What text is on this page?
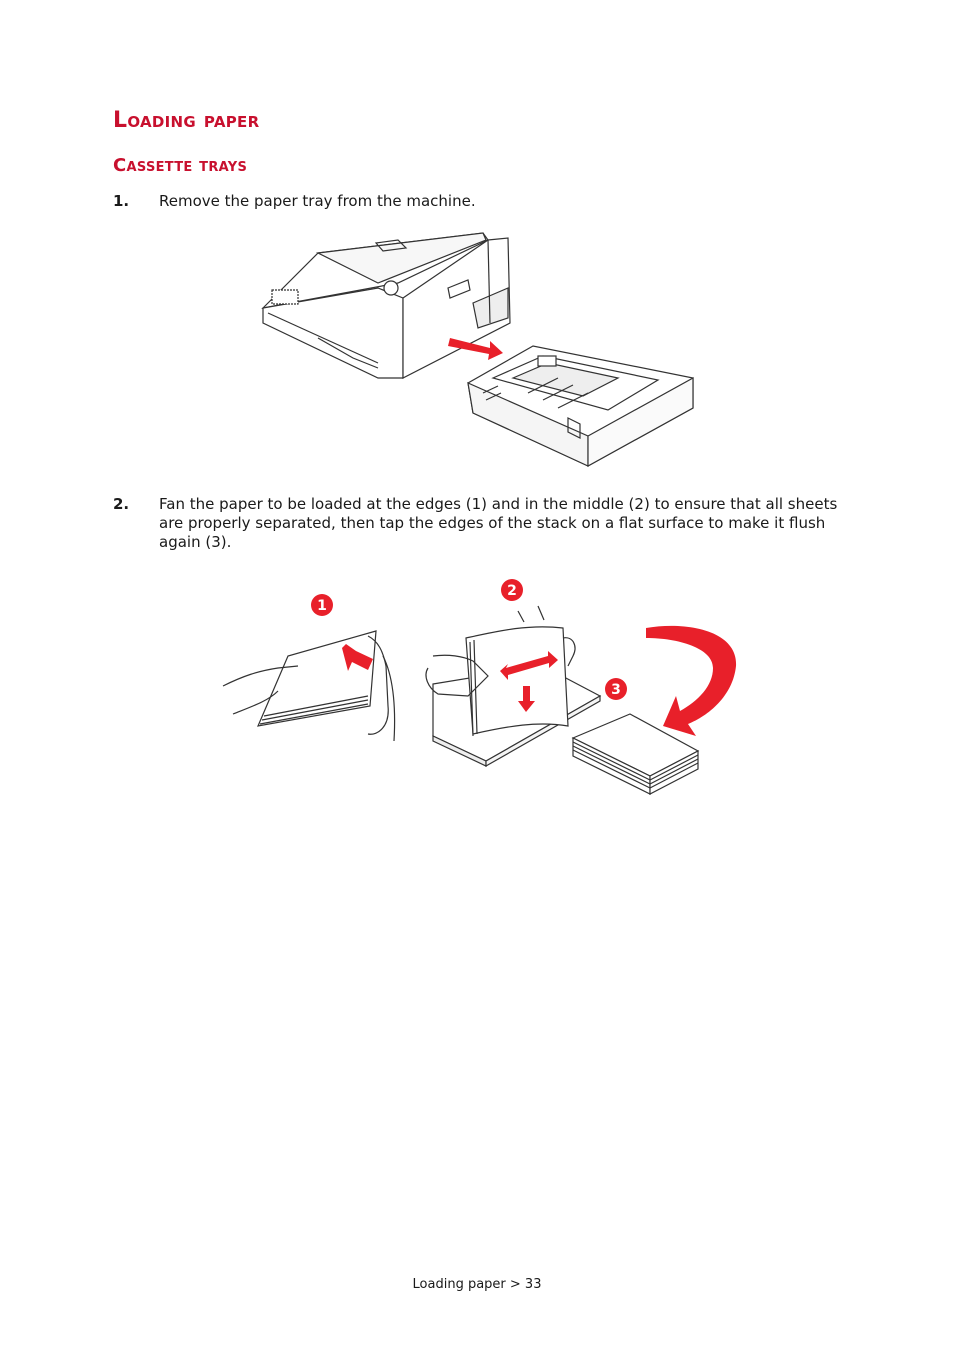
Loading paper
Cassette trays
1. Remove the paper tray from the machine.
2. Fan the paper to be loaded at the edges (1) and in the middle (2) to ensure that all sheets are properly separated, then tap the edges of the stack on a flat surface to make it flush again (3).
1
2
3
Loading paper > 33
